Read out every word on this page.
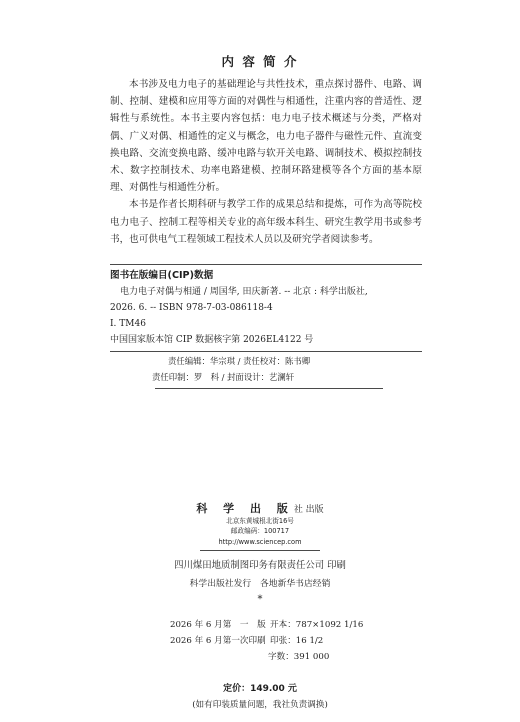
内 容 简 介

本书涉及电力电子的基础理论与共性技术，重点探讨器件、电路、调制、控制、建模和应用等方面的对偶性与相通性，注重内容的普适性、逻辑性与系统性。本书主要内容包括：电力电子技术概述与分类，严格对偶、广义对偶、相通性的定义与概念，电力电子器件与磁性元件、直流变换电路、交流变换电路、缓冲电路与软开关电路、调制技术、模拟控制技术、数字控制技术、功率电路建模、控制环路建模等各个方面的基本原理、对偶性与相通性分析。

本书是作者长期科研与教学工作的成果总结和提炼，可作为高等院校电力电子、控制工程等相关专业的高年级本科生、研究生教学用书或参考书，也可供电气工程领域工程技术人员以及研究学者阅读参考。

图书在版编目(CIP)数据
电力电子对偶与相通 / 周国华, 田庆新著. -- 北京 : 科学出版社,
2026. 6. -- ISBN 978-7-03-086118-4
Ⅰ. TM46
中国国家版本馆 CIP 数据核字第 2026EL4122 号
责任编辑：华宗琪 / 责任校对：陈书卿
责任印制：罗　科 / 封面设计：艺澜轩
科 学 出 版社 出版
北京东黄城根北街16号
邮政编码：100717
http://www.sciencep.com
四川煤田地质制图印务有限责任公司 印刷
科学出版社发行　各地新华书店经销
*
2026 年 6 月第　一　版 开本：787×1092 1/16
2026 年 6 月第一次印刷 印张：16 1/2
字数：391 000
定价：149.00 元
(如有印装质量问题，我社负责调换)
